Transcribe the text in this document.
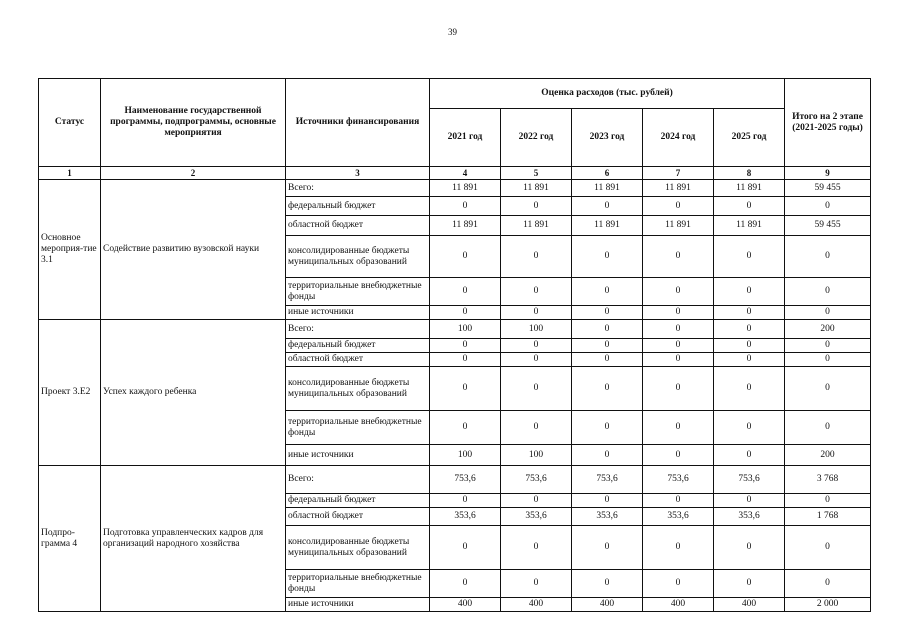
39
Статус	Наименование государственной программы, подпрограммы, основные мероприятия	Источники финансирования	Оценка расходов (тыс. рублей)					Итого на 2 этапе (2021-2025 годы)
			2021 год	2022 год	2023 год	2024 год	2025 год	
1	2	3	4	5	6	7	8	9
Основное мероприя-тие 3.1	Содействие развитию вузовской науки	Всего:	11 891	11 891	11 891	11 891	11 891	59 455
		федеральный бюджет	0	0	0	0	0	0
		областной бюджет	11 891	11 891	11 891	11 891	11 891	59 455
		консолидированные бюджеты муниципальных образований	0	0	0	0	0	0
		территориальные внебюджетные фонды	0	0	0	0	0	0
		иные источники	0	0	0	0	0	0
Проект 3.Е2	Успех каждого ребенка	Всего:	100	100	0	0	0	200
		федеральный бюджет	0	0	0	0	0	0
		областной бюджет	0	0	0	0	0	0
		консолидированные бюджеты муниципальных образований	0	0	0	0	0	0
		территориальные внебюджетные фонды	0	0	0	0	0	0
		иные источники	100	100	0	0	0	200
Подпро-грамма 4	Подготовка управленческих кадров для организаций народного хозяйства	Всего:	753,6	753,6	753,6	753,6	753,6	3 768
		федеральный бюджет	0	0	0	0	0	0
		областной бюджет	353,6	353,6	353,6	353,6	353,6	1 768
		консолидированные бюджеты муниципальных образований	0	0	0	0	0	0
		территориальные внебюджетные фонды	0	0	0	0	0	0
		иные источники	400	400	400	400	400	2 000
